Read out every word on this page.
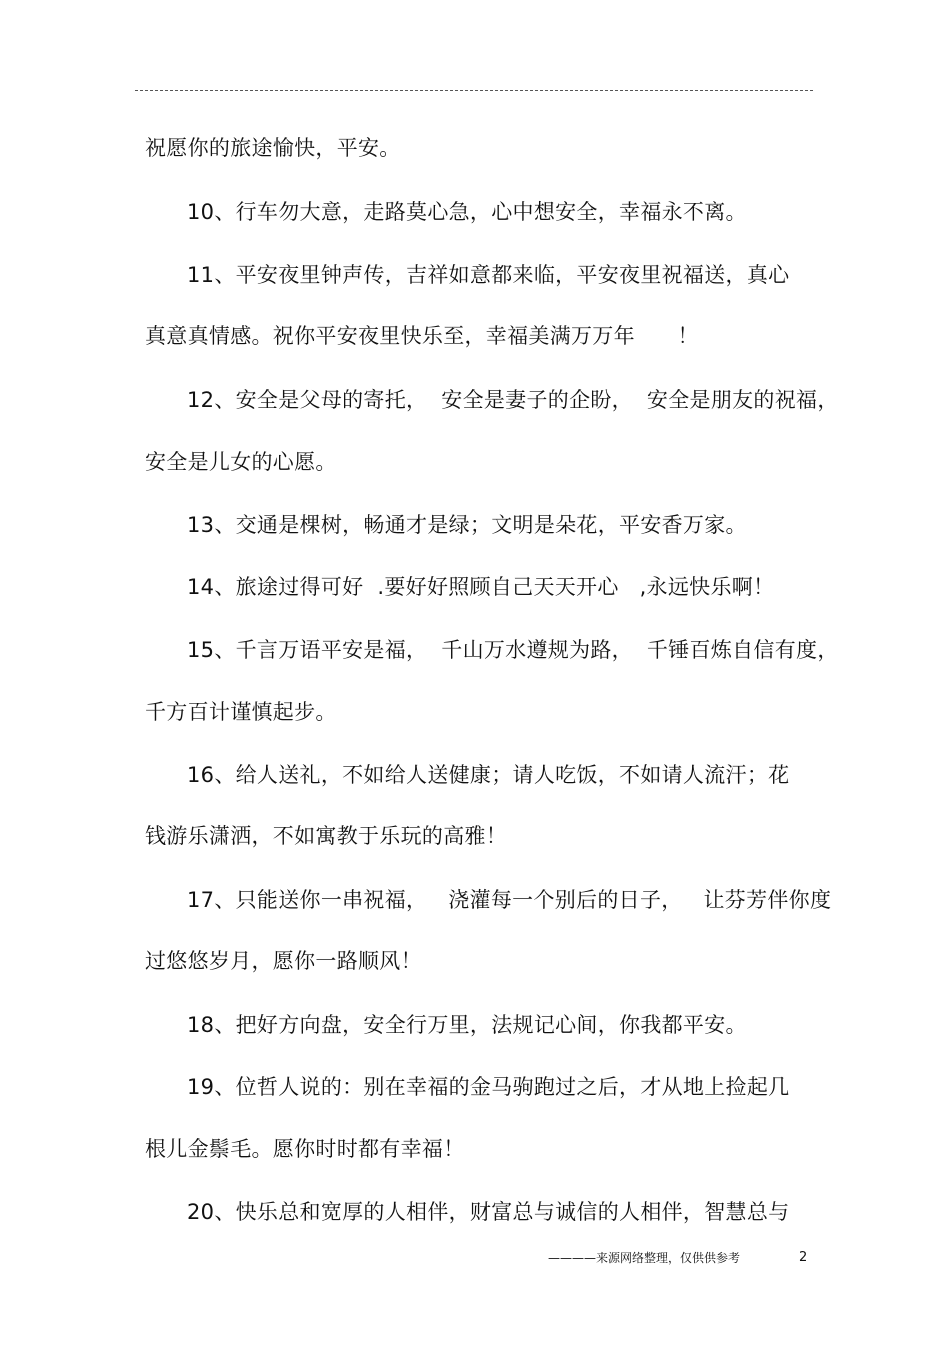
祝愿你的旅途愉快，平安。
10、行车勿大意，走路莫心急，心中想安全，幸福永不离。
11、平安夜里钟声传，吉祥如意都来临，平安夜里祝福送，真心
真意真情感。祝你平安夜里快乐至，幸福美满万万年　　！
12、安全是父母的寄托，  安全是妻子的企盼，  安全是朋友的祝福，
安全是儿女的心愿。
13、交通是棵树，畅通才是绿；文明是朵花，平安香万家。
14、旅途过得可好  .要好好照顾自己天天开心   ,永远快乐啊！
15、千言万语平安是福，  千山万水遵规为路，  千锤百炼自信有度，
千方百计谨慎起步。
16、给人送礼，不如给人送健康；请人吃饭，不如请人流汗；花
钱游乐潇洒，不如寓教于乐玩的高雅！
17、只能送你一串祝福，   浇灌每一个别后的日子，   让芬芳伴你度
过悠悠岁月，愿你一路顺风！
18、把好方向盘，安全行万里，法规记心间，你我都平安。
19、位哲人说的：别在幸福的金马驹跑过之后，才从地上捡起几
根儿金鬃毛。愿你时时都有幸福！
20、快乐总和宽厚的人相伴，财富总与诚信的人相伴，智慧总与
————来源网络整理，仅供供参考	2
